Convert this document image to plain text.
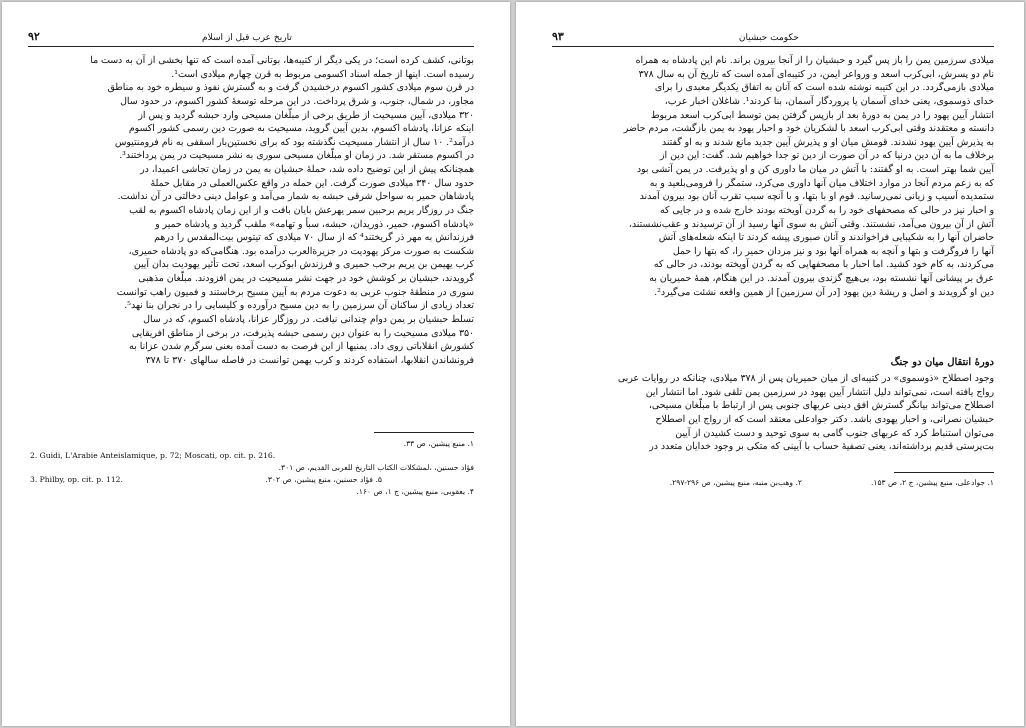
۹۲	تاریخ عرب قبل از اسلام

بوتانی، کشف کرده است؛ در یکی دیگر از کتیبه‌ها، بوتانی آمده است که تنها بخشی از آن به دست ما

رسیده است. اینها از جمله اسناد اکسومی مربوط به قرن چهارم میلادی است¹.

در قرن سوم میلادی کشور اکسوم درخشیدن گرفت و به گسترش نفوذ و سیطره خود به مناطق

مجاور، در شمال، جنوب، و شرق پرداخت. در این مرحله توسعهٔ کشور اکسوم، در حدود سال

۳۲۰ میلادی، آیین مسیحیت از طریق برخی از مبلّغان مسیحی وارد حبشه گردید و پس از

اینکه عزانا، پادشاه اکسوم، بدین آیین گروید، مسیحیت به صورت دین رسمی کشور اکسوم

درآمد². ۱۰ سال از انتشار مسیحیت نگذشته بود که برای نخستین‌بار اسقفی به نام فرومنتیوس

در اکسوم مستقر شد. در زمان او مبلّغان مسیحی سوری به نشر مسیحیت در یمن پرداختند³.

همچنانکه پیش از این توضیح داده شد، حملهٔ حبشیان به یمن در زمان تجاشی اعمیدا، در

حدود سال ۳۴۰ میلادی صورت گرفت. این حمله در واقع عکس‌العملی در مقابل حملهٔ

پادشاهان حمیر به سواحل شرقی حبشه به شمار می‌آمد و عوامل دینی دخالتی در آن نداشت.

جنگ در روزگار یریم برحبین سمر یهرعش بایان بافت و از این زمان پادشاه اکسوم به لقب

«پادشاه اکسوم، حمیر، ذوریدان، حبشه، سبأ و تهامه» ملقب گردید و پادشاه حمیر و

فرزندانش به مهر ذر گریختند⁴ که از سال ۷۰ میلادی که تیتوس بیت‌المقدس را درهم

شکست به صورت مرکز یهودیت در جزیرةالعرب درآمده بود. هنگامی‌که دو پادشاه حمیری،

کرب یهیمن بن یریم برحب حمیری و فرزندش ابوکرب اسعد، تحت تأثیر یهودیت بدان آیین

گرویدند، حبشیان بر کوشش خود در جهت نشر مسیحیت در یمن افزودند. مبلّغان مذهبی

سوری در منطقهٔ جنوب عربی به دعوت مردم به آیین مسیح برخاستند و فمیون راهب توانست

تعداد زیادی از ساکنان آن سرزمین را به دین مسیح درآورده و کلیسایی را در نجران بنا نهد⁵.

تسلط حبشیان بر یمن دوام چندانی نیافت. در روزگار عزانا، پادشاه اکسوم، که در سال

۳۵۰ میلادی مسیحیت را به عنوان دین رسمی حبشه پذیرفت، در برخی از مناطق افریقایی

کشورش انقلاباتی روی داد. یمنیها از این فرصت به دست آمده بعنی سرگرم شدن عزانا به

فرونشاندن انقلابها، استفاده کردند و کرب یهمن توانست در فاصله سالهای ۳۷۰ تا ۳۷۸

۱. منبع پیشین، ص ۳۳.
2. Guidi, L'Arabie Anteislamique, p. 72; Moscati, op. cit. p. 216.
فؤاد حسنین، ،لمشکلات الکتاب التاریخ للعربی القدیم، ص ۳۰۱.
3. Philby, op. cit. p. 112.	۵. فؤاد حسنین، منبع پیشین، ص ۳۰۲.
۴. یعقوبی، منبع پیشین، ج ۱، ص ۱۶۰.
۹۳	حکومت حبشیان

میلادی سرزمین یمن را باز پس گیرد و حبشیان را از آنجا بیرون براند. نام این پادشاه به همراه

نام دو پسرش، ابی‌کرب اسعد و ورواعر ایمن، در کتیبه‌ای آمده است که تاریخ آن به سال ۳۷۸

میلادی بازمی‌گردد. در این کتیبه نوشته شده است که آنان به اتفاق یکدیگر معبدی را برای

خدای ذوسموی، یعنی خدای آسمان یا پروردگار آسمان، بنا کردند¹. شاغلان اخبار عرب،

انتشار آیین یهود را در یمن به دورهٔ بعد از بازپس گرفتن یمن توسط ابی‌کرب اسعد مربوط

دانسته و معتقدند وقتی ابی‌کرب اسعد با لشکریان خود و احبار یهود به یمن بازگشت، مردم حاضر

به پذیرش آیین یهود نشدند. قومش میان او و پذیرش آیین جدید مانع شدند و به او گفتند

برخلاف ما به آن دین درنیا که در آن صورت از دین تو جدا خواهیم شد. گفت: این دین از

آیین شما بهتر است. به او گفتند: با آتش در میان ما داوری کن و او پذیرفت. در یمن آتشی بود

که به زعم مردم آنجا در موارد اختلاف میان آنها داوری می‌کرد، ستمگر را فرومی‌بلعید و به

ستمدیده آسیب و زیانی نمی‌رسانید. قوم او با بتها، و با آنچه سبب تقرب آنان بود بیرون آمدند

و احبار نیز در حالی که مصحفهای خود را به گردن آویخته بودند خارج شده و در جایی که

آتش از آن بیرون می‌آمد، نشستند. وقتی آتش به سوی آنها رسید از آن ترسیدند و عقب‌نشستند،

حاضران آنها را به شکیبایی فراخواندند و آنان صبوری پیشه کردند تا اینکه شعله‌های آتش

آنها را فروگرفت و بتها و آنچه به همراه آنها بود و نیز مردان حمیر را، که بتها را حمل

می‌کردند، به کام خود کشید. اما احبار با مصحفهایی که به گردن آویخته بودند، در حالی که

عرق بر پیشانی آنها نشسته بود، بی‌هیچ گزندی بیرون آمدند. در این هنگام، همهٔ حمیریان به

دین او گرویدند و اصل و ریشهٔ دین یهود [در آن سرزمین] از همین واقعه نشئت می‌گیرد².

دورهٔ انتقال میان دو جنگ

وجود اصطلاح «ذوسموی» در کتیبه‌ای از میان حمیریان پس از ۳۷۸ میلادی، چنانکه در روایات عربی

رواج یافته است، نمی‌تواند دلیل انتشار آیین یهود در سرزمین یمن تلقی شود. اما انتشار این

اصطلاح می‌تواند بیانگر گسترش افق دینی عربهای جنوبی پس از ارتباط با مبلّغان مسیحی،

حبشیان نصرانی، و احبار یهودی باشد. دکتر جوادعلی معتقد است که از رواج این اصطلاح

می‌توان استنباط کرد که عربهای جنوب گامی به سوی توحید و دست کشیدن از آیین

بت‌پرستی قدیم برداشته‌اند، یعنی تصفیهٔ حساب با آیینی که متکی بر وجود خدایان متعدد در

۱. جوادعلی، منبع پیشین، ج ۲، ص ۱۵۳.
۲. وهب‌بن منبه، منبع پیشین، ص ۲۹۶-۲۹۷.
